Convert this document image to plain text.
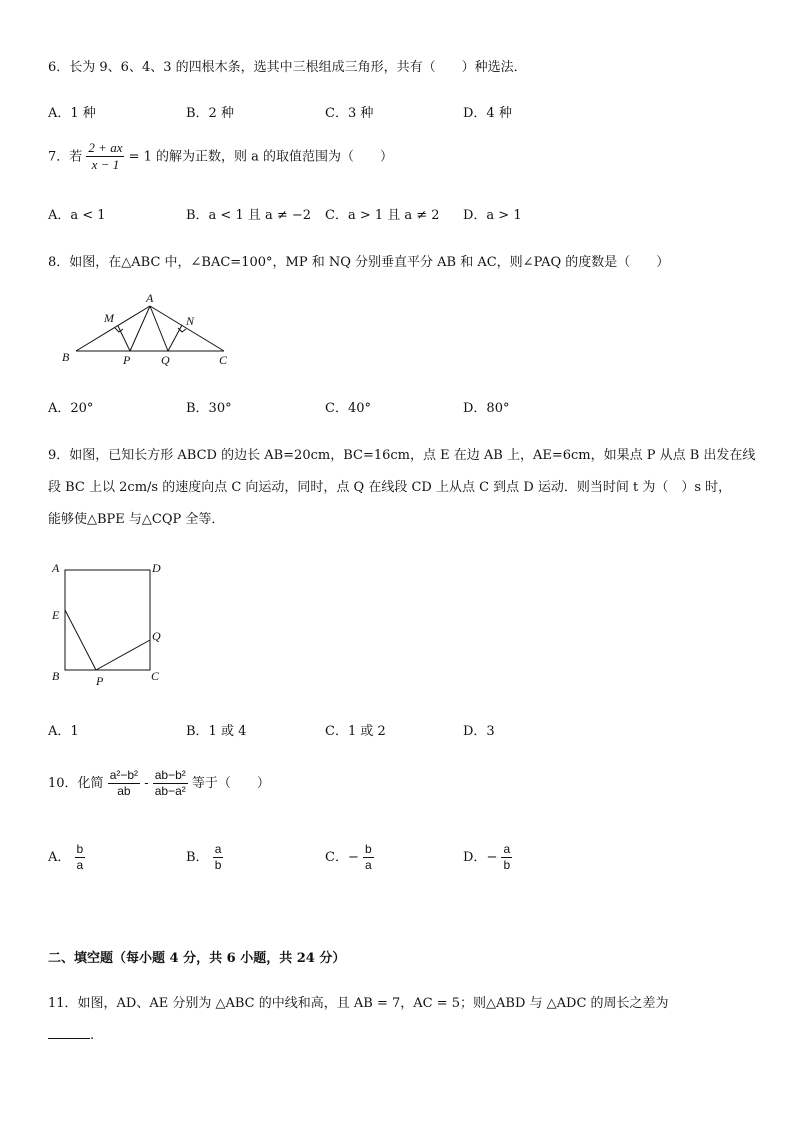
6．长为 9、6、4、3 的四根木条，选其中三根组成三角形，共有（　　）种选法．
A．1 种	B．2 种	C．3 种	D．4 种
7．若 $\frac{2 + ax}{x - 1} = 1$ 的解为正数，则 a 的取值范围为（　　）
A．a < 1	B．a < 1 且 a ≠ −2 C．a > 1 且 a ≠ 2 D．a > 1
8．如图，在△ABC 中，∠BAC=100°，MP 和 NQ 分别垂直平分 AB 和 AC，则∠PAQ 的度数是（　　）
A
B	C
M	N
P	Q
A．20°	B．30°	C．40°	D．80°
9．如图，已知长方形 ABCD 的边长 AB=20cm，BC=16cm，点 E 在边 AB 上，AE=6cm，如果点 P 从点 B 出发在线
段 BC 上以 2cm/s 的速度向点 C 向运动，同时，点 Q 在线段 CD 上从点 C 到点 D 运动．则当时间 t 为（　）s 时，
能够使△BPE 与△CQP 全等．
A	D
E
Q
B	P	C
A．1	B．1 或 4	C．1 或 2	D．3
10．化简 $\frac{\text{a²−b²}}{ab} - \frac{\text{ab−b²}}{\text{ab−a²}}$ 等于（　　）
A． $\frac{b}{a}$	B． $\frac{a}{b}$	C．− $\frac{b}{a}$	D．− $\frac{a}{b}$
二、填空题（每小题 4 分，共 6 小题，共 24 分）
11．如图，AD、AE 分别为 △ABC 的中线和高，且 AB = 7，AC = 5；则△ABD 与 △ADC 的周长之差为
.
